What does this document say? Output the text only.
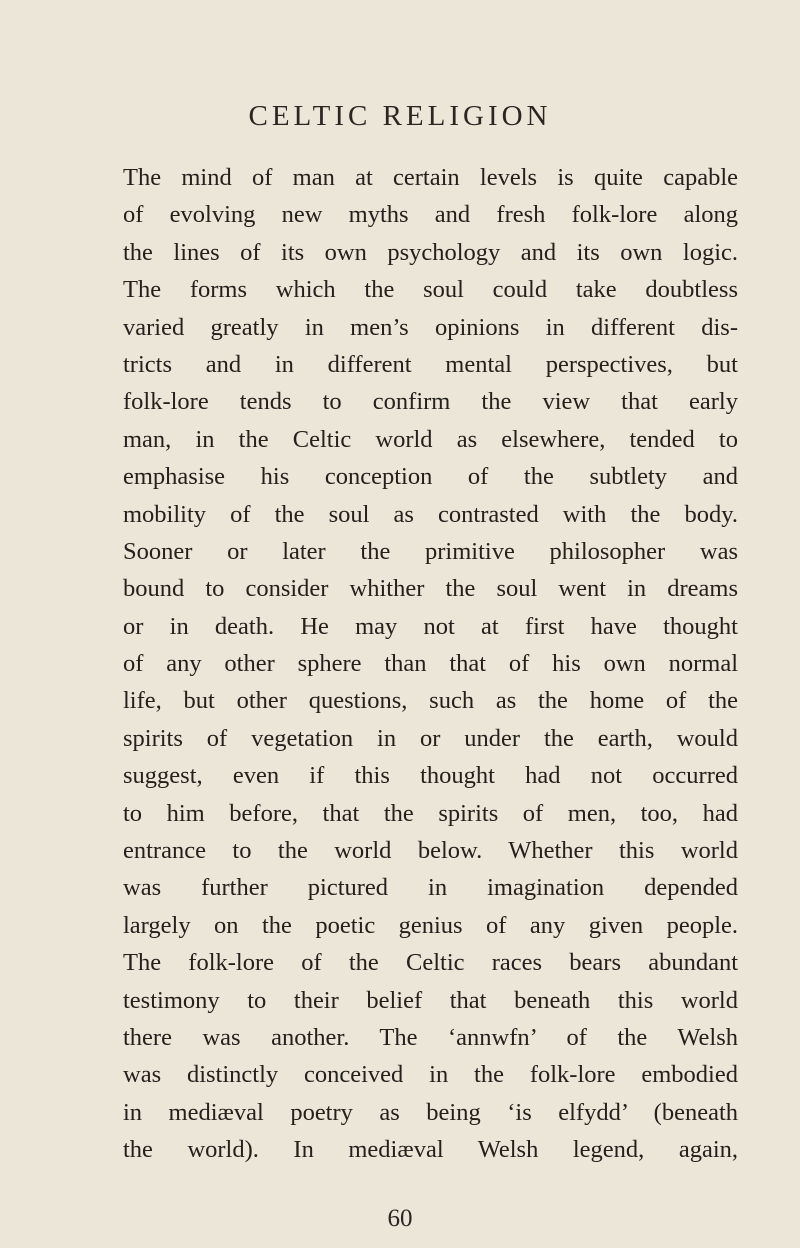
CELTIC RELIGION
The mind of man at certain levels is quite capable
of evolving new myths and fresh folk-lore along
the lines of its own psychology and its own logic.
The forms which the soul could take doubtless
varied greatly in men’s opinions in different dis-
tricts and in different mental perspectives, but
folk-lore tends to confirm the view that early
man, in the Celtic world as elsewhere, tended to
emphasise his conception of the subtlety and
mobility of the soul as contrasted with the body.
Sooner or later the primitive philosopher was
bound to consider whither the soul went in dreams
or in death. He may not at first have thought
of any other sphere than that of his own normal
life, but other questions, such as the home of the
spirits of vegetation in or under the earth, would
suggest, even if this thought had not occurred
to him before, that the spirits of men, too, had
entrance to the world below. Whether this world
was further pictured in imagination depended
largely on the poetic genius of any given people.
The folk-lore of the Celtic races bears abundant
testimony to their belief that beneath this world
there was another. The ‘annwfn’ of the Welsh
was distinctly conceived in the folk-lore embodied
in mediæval poetry as being ‘is elfydd’ (beneath
the world). In mediæval Welsh legend, again,
60
